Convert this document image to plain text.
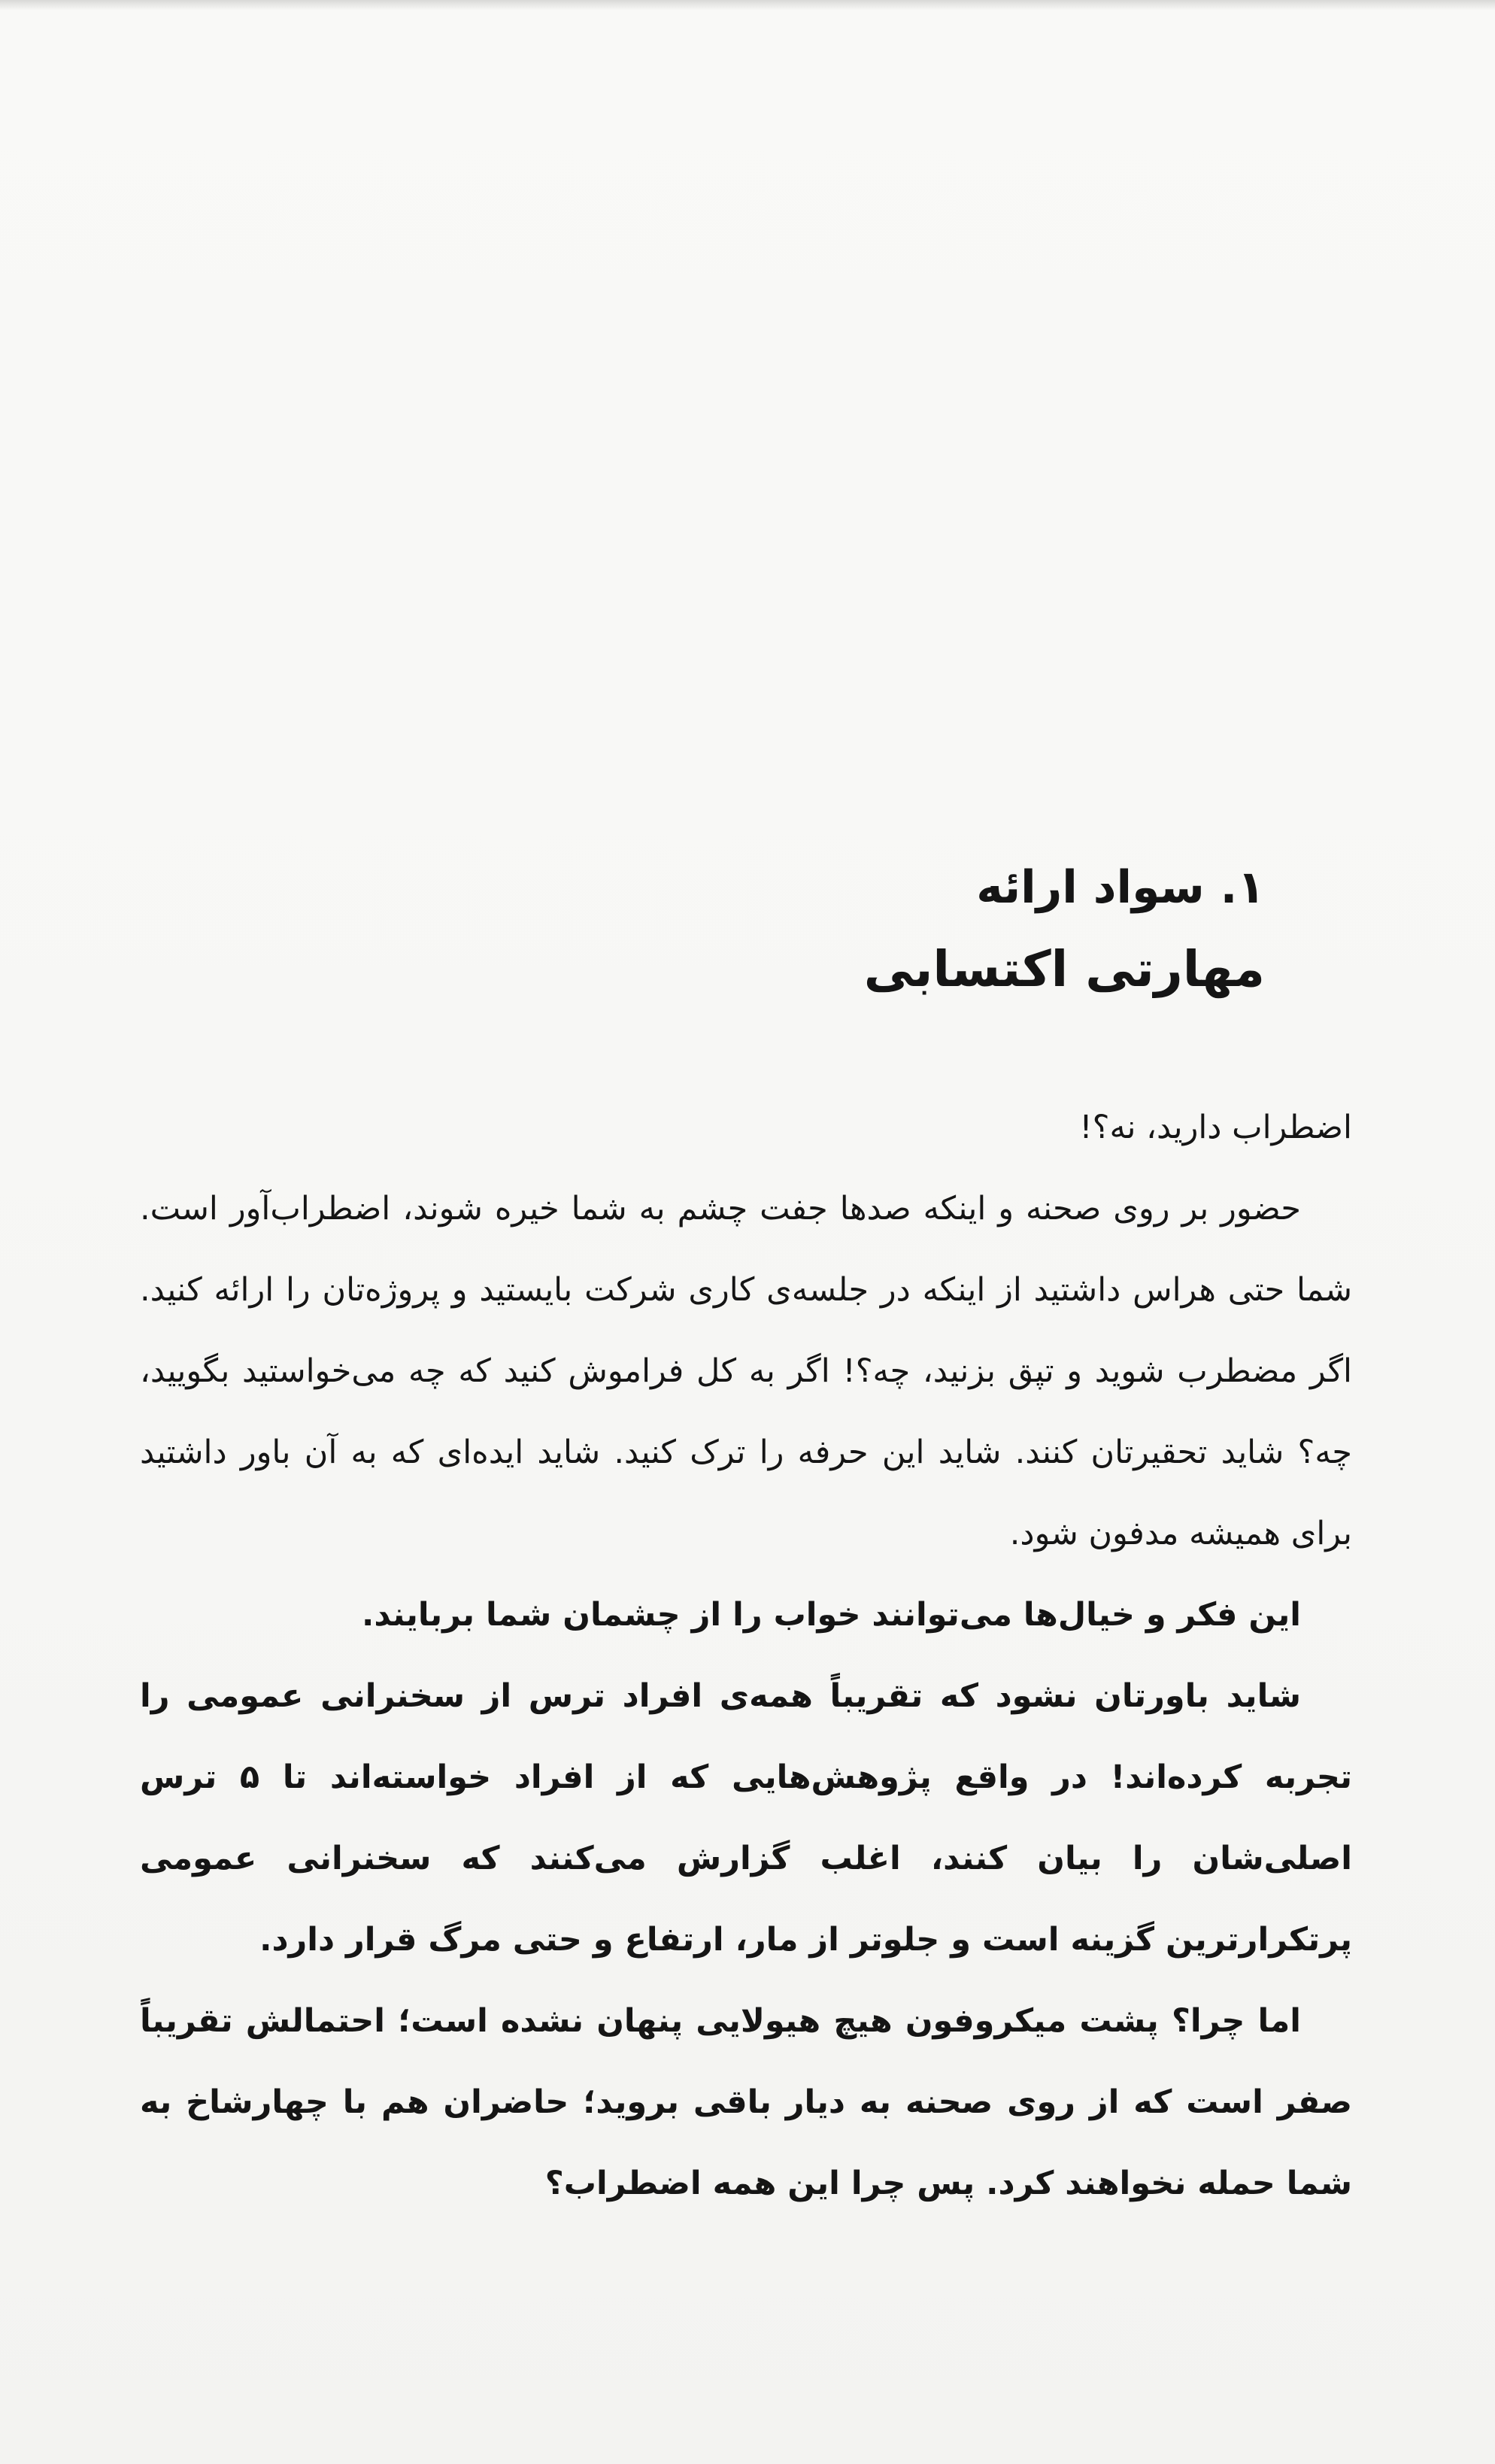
۱. سواد ارائه
مهارتی اکتسابی

اضطراب دارید، نه؟!

حضور بر روی صحنه و اینکه صدها جفت چشم به شما خیره شوند، اضطراب‌آور است. شما حتی هراس داشتید از اینکه در جلسه‌ی کاری شرکت بایستید و پروژه‌تان را ارائه کنید. اگر مضطرب شوید و تپق بزنید، چه؟! اگر به کل فراموش کنید که چه می‌خواستید بگویید، چه؟ شاید تحقیرتان کنند. شاید این حرفه را ترک کنید. شاید ایده‌ای که به آن باور داشتید برای همیشه مدفون شود.

این فکر و خیال‌ها می‌توانند خواب را از چشمان شما بربایند.

شاید باورتان نشود که تقریباً همه‌ی افراد ترس از سخنرانی عمومی را تجربه کرده‌اند! در واقع پژوهش‌هایی که از افراد خواسته‌اند تا ۵ ترس اصلی‌شان را بیان کنند، اغلب گزارش می‌کنند که سخنرانی عمومی پرتکرارترین گزینه است و جلوتر از مار، ارتفاع و حتی مرگ قرار دارد.

اما چرا؟ پشت میکروفون هیچ هیولایی پنهان نشده است؛ احتمالش تقریباً صفر است که از روی صحنه به دیار باقی بروید؛ حاضران هم با چهارشاخ به شما حمله نخواهند کرد. پس چرا این همه اضطراب؟
